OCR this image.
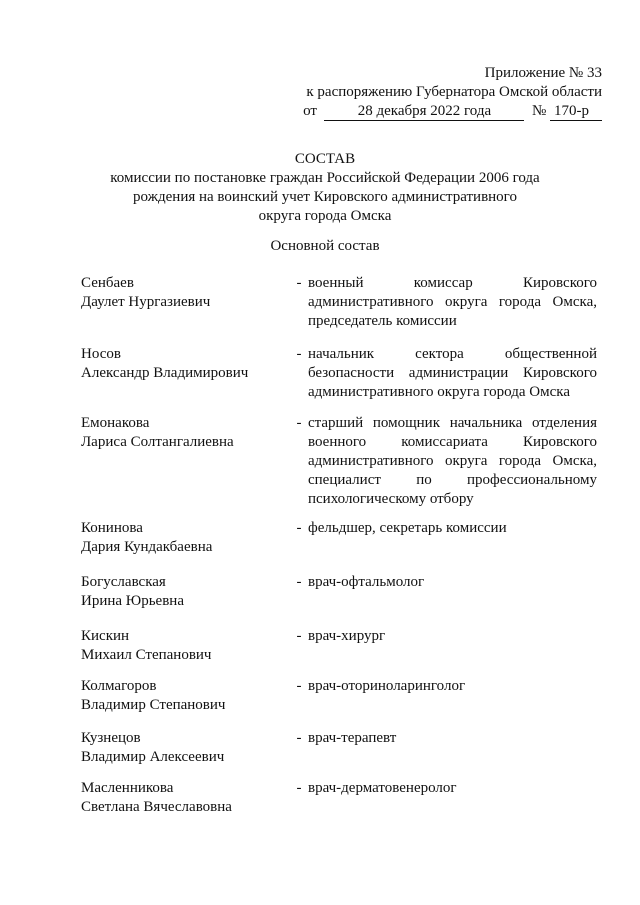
Приложение № 33
к распоряжению Губернатора Омской области
от	28 декабря 2022 года	№ 170-р
СОСТАВ
комиссии по постановке граждан Российской Федерации 2006 года
рождения на воинский учет Кировского административного
округа города Омска
Основной состав
Сенбаев
Даулет Нургазиевич
- военный комиссар Кировского административного округа города Омска, председатель комиссии
Носов
Александр Владимирович
- начальник сектора общественной безопасности администрации Кировского административного округа города Омска
Емонакова
Лариса Солтангалиевна
- старший помощник начальника отделения военного комиссариата Кировского административного округа города Омска, специалист по профессиональному психологическому отбору
Конинова
Дария Кундакбаевна
- фельдшер, секретарь комиссии
Богуславская
Ирина Юрьевна
- врач-офтальмолог
Кискин
Михаил Степанович
- врач-хирург
Колмагоров
Владимир Степанович
- врач-оториноларинголог
Кузнецов
Владимир Алексеевич
- врач-терапевт
Масленникова
Светлана Вячеславовна
- врач-дерматовенеролог
